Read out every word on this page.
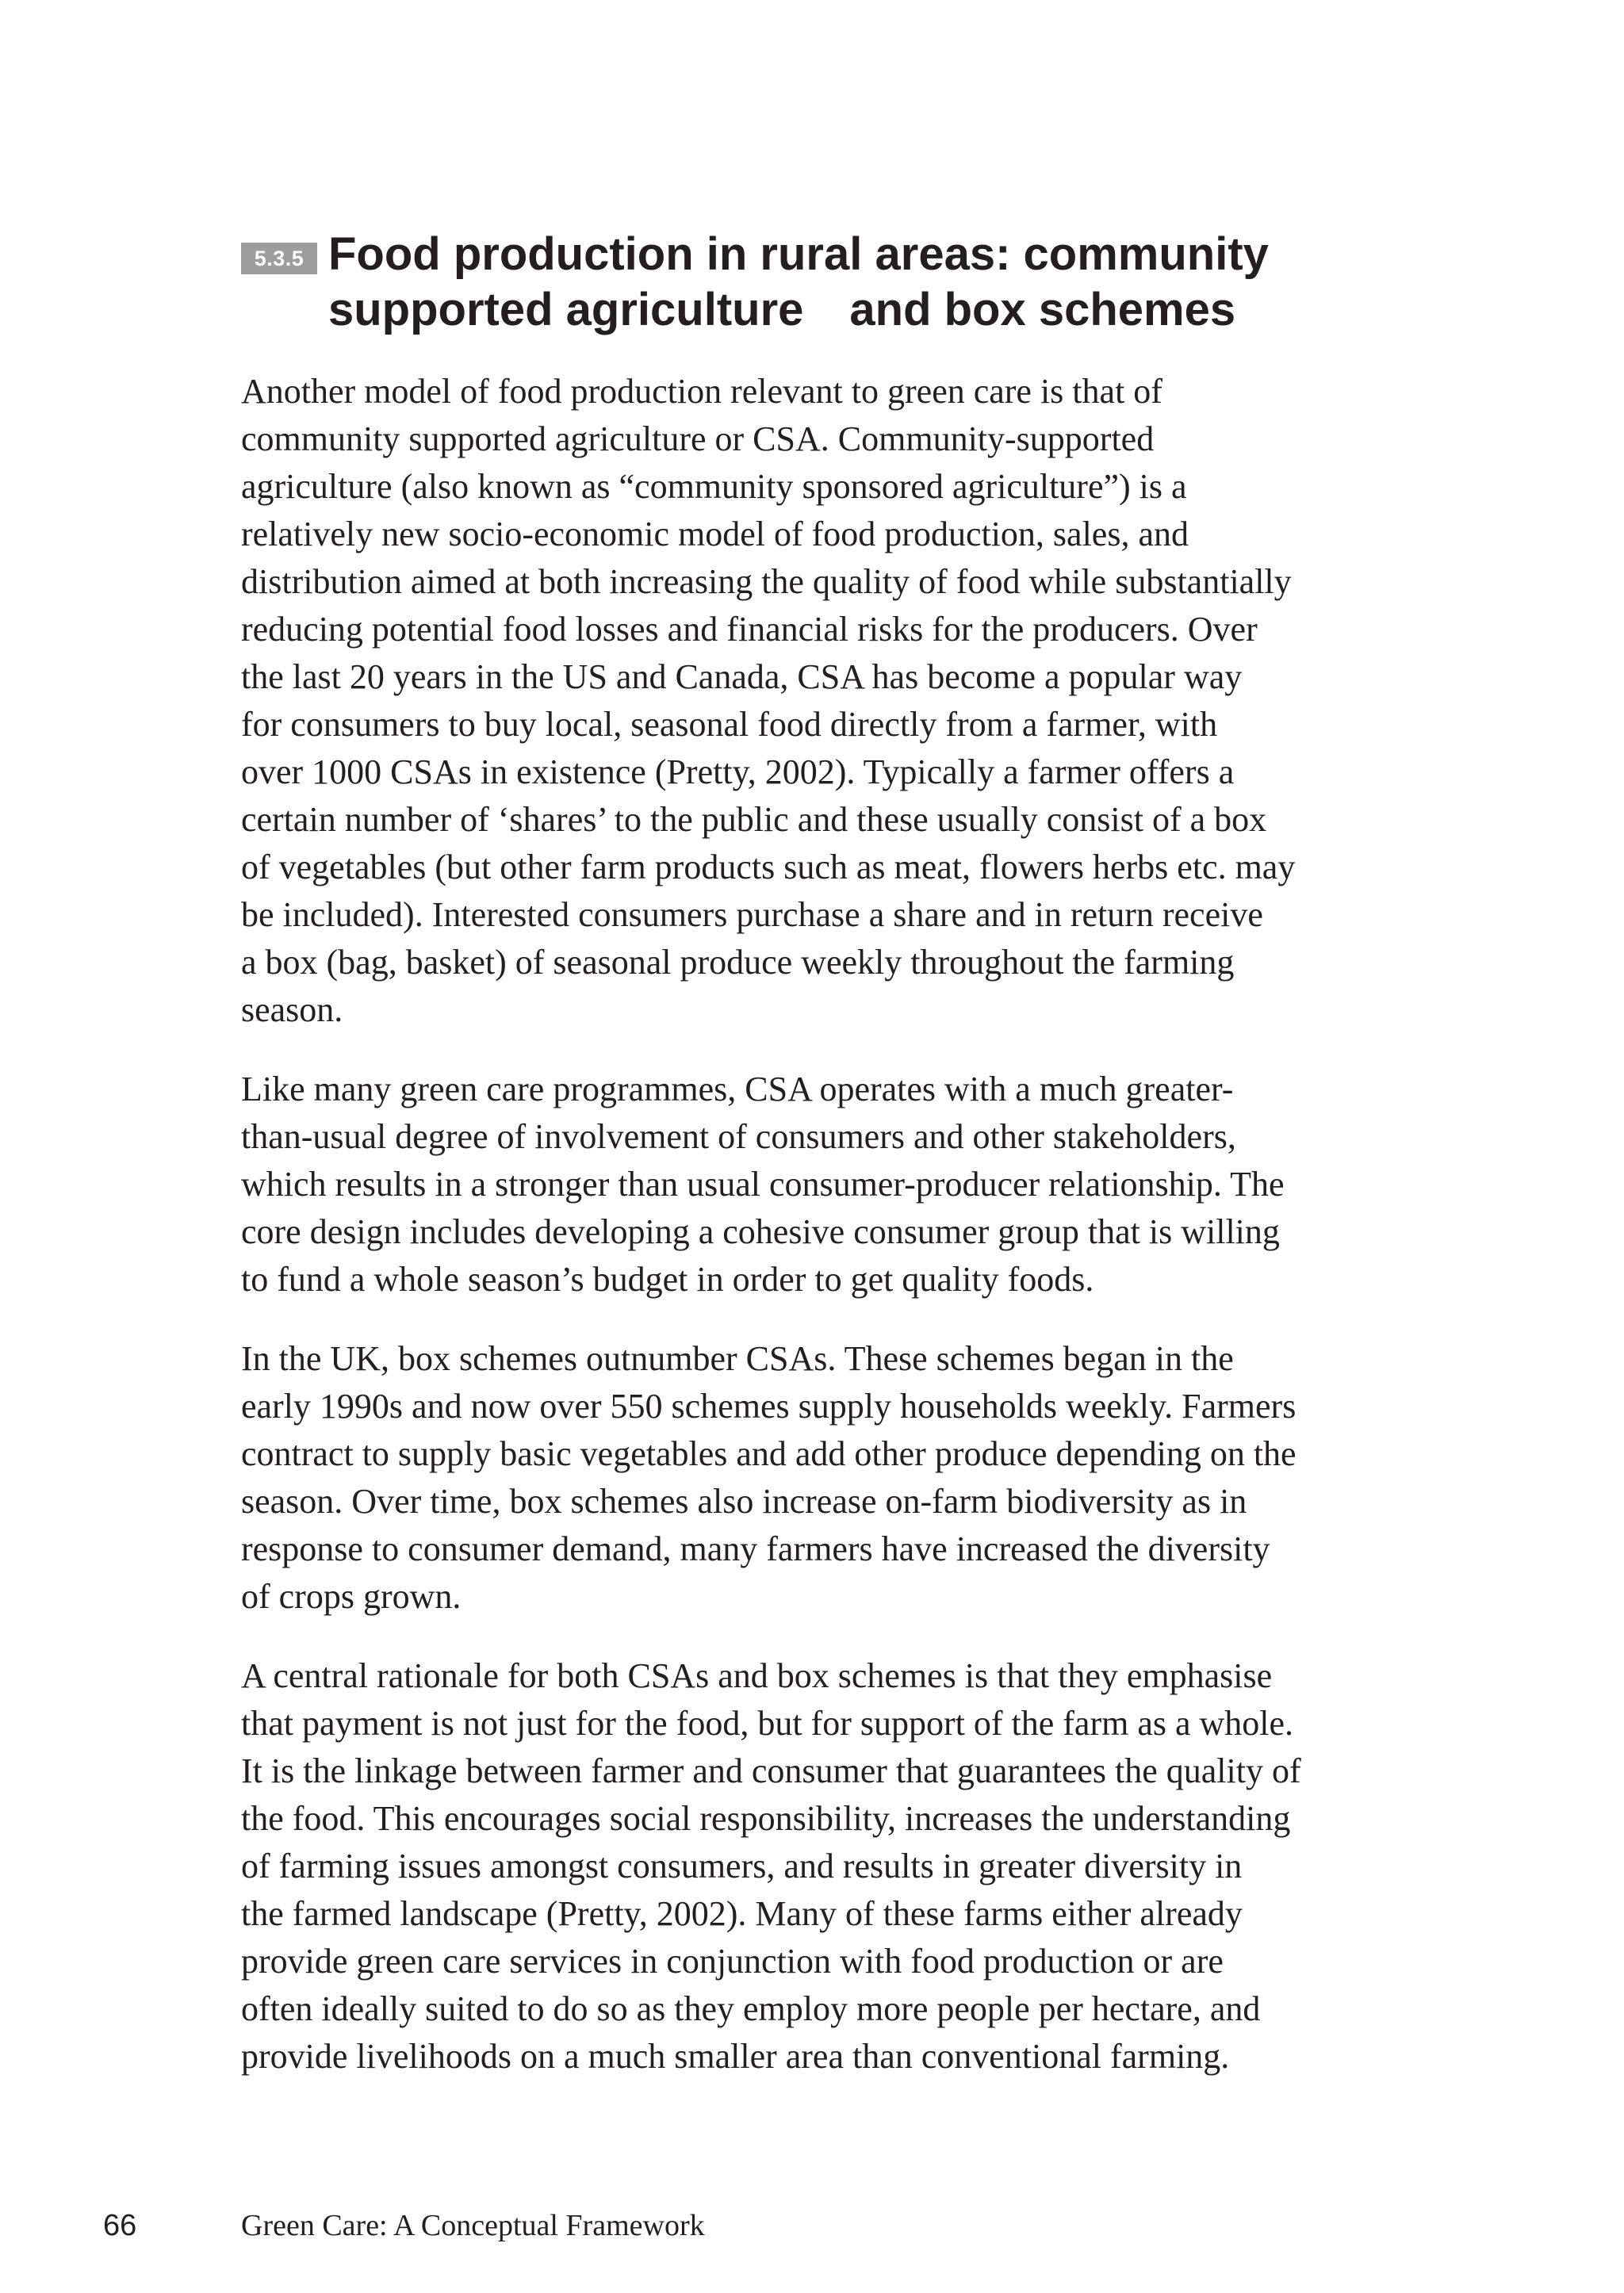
5.3.5 Food production in rural areas: community
supported agriculture and box schemes

Another model of food production relevant to green care is that of
community supported agriculture or CSA. Community-supported
agriculture (also known as “community sponsored agriculture”) is a
relatively new socio-economic model of food production, sales, and
distribution aimed at both increasing the quality of food while substantially
reducing potential food losses and financial risks for the producers. Over
the last 20 years in the US and Canada, CSA has become a popular way
for consumers to buy local, seasonal food directly from a farmer, with
over 1000 CSAs in existence (Pretty, 2002). Typically a farmer offers a
certain number of ‘shares’ to the public and these usually consist of a box
of vegetables (but other farm products such as meat, flowers herbs etc. may
be included). Interested consumers purchase a share and in return receive
a box (bag, basket) of seasonal produce weekly throughout the farming
season.

Like many green care programmes, CSA operates with a much greater-
than-usual degree of involvement of consumers and other stakeholders,
which results in a stronger than usual consumer-producer relationship. The
core design includes developing a cohesive consumer group that is willing
to fund a whole season’s budget in order to get quality foods.

In the UK, box schemes outnumber CSAs. These schemes began in the
early 1990s and now over 550 schemes supply households weekly. Farmers
contract to supply basic vegetables and add other produce depending on the
season. Over time, box schemes also increase on-farm biodiversity as in
response to consumer demand, many farmers have increased the diversity
of crops grown.

A central rationale for both CSAs and box schemes is that they emphasise
that payment is not just for the food, but for support of the farm as a whole.
It is the linkage between farmer and consumer that guarantees the quality of
the food. This encourages social responsibility, increases the understanding
of farming issues amongst consumers, and results in greater diversity in
the farmed landscape (Pretty, 2002). Many of these farms either already
provide green care services in conjunction with food production or are
often ideally suited to do so as they employ more people per hectare, and
provide livelihoods on a much smaller area than conventional farming.

66	Green Care: A Conceptual Framework
